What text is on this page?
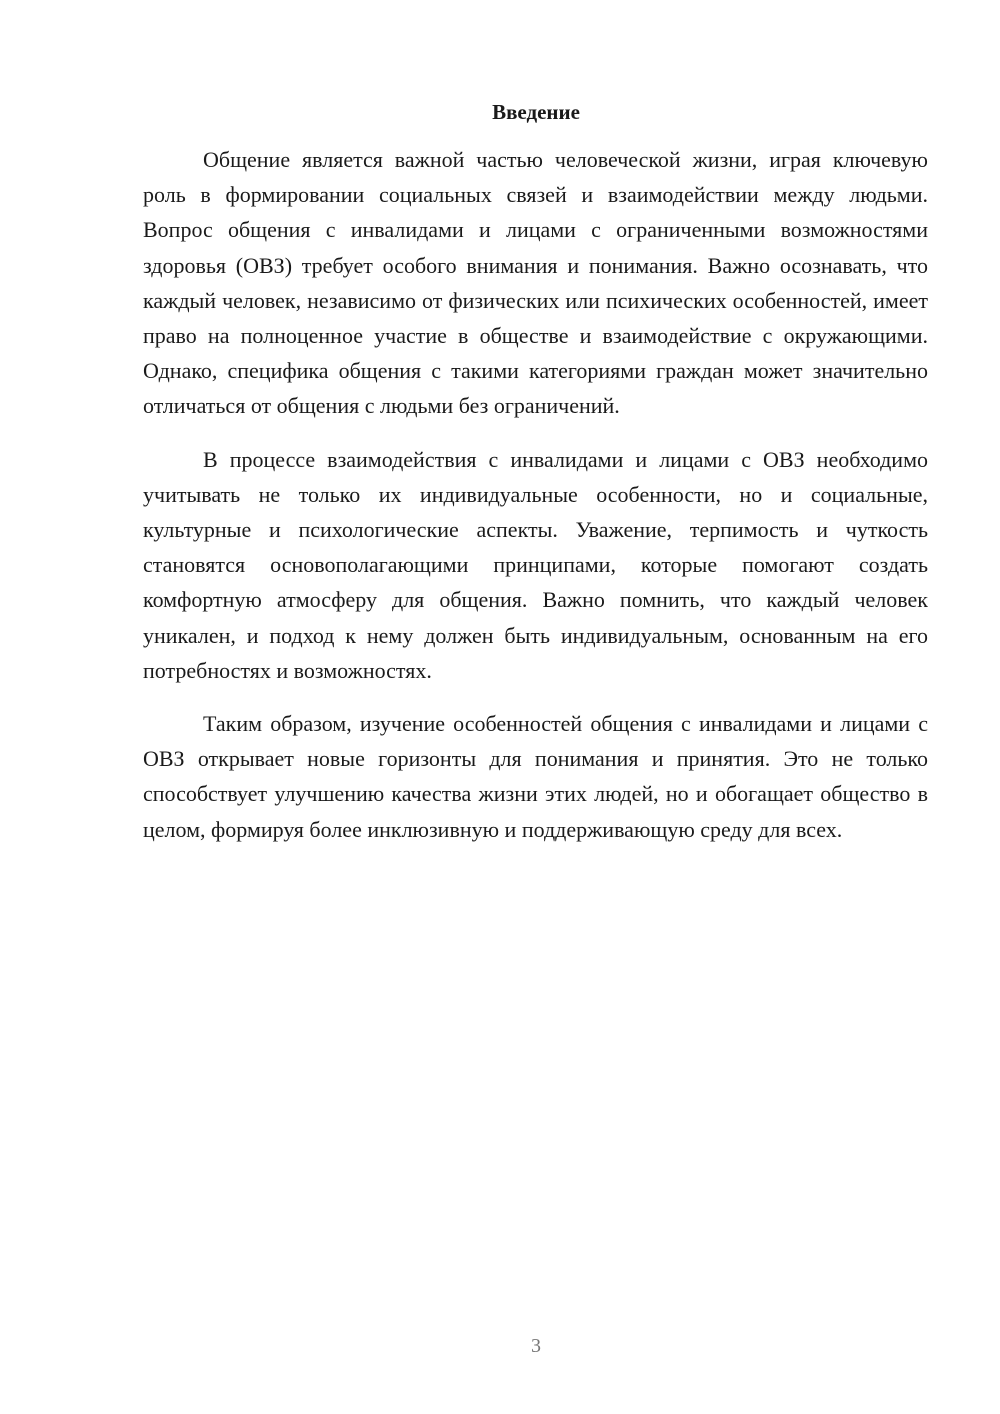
Введение

Общение является важной частью человеческой жизни, играя ключевую роль в формировании социальных связей и взаимодействии между людьми. Вопрос общения с инвалидами и лицами с ограниченными возможностями здоровья (ОВЗ) требует особого внимания и понимания. Важно осознавать, что каждый человек, независимо от физических или психических особенностей, имеет право на полноценное участие в обществе и взаимодействие с окружающими. Однако, специфика общения с такими категориями граждан может значительно отличаться от общения с людьми без ограничений.

В процессе взаимодействия с инвалидами и лицами с ОВЗ необходимо учитывать не только их индивидуальные особенности, но и социальные, культурные и психологические аспекты. Уважение, терпимость и чуткость становятся основополагающими принципами, которые помогают создать комфортную атмосферу для общения. Важно помнить, что каждый человек уникален, и подход к нему должен быть индивидуальным, основанным на его потребностях и возможностях.

Таким образом, изучение особенностей общения с инвалидами и лицами с ОВЗ открывает новые горизонты для понимания и принятия. Это не только способствует улучшению качества жизни этих людей, но и обогащает общество в целом, формируя более инклюзивную и поддерживающую среду для всех.

3
